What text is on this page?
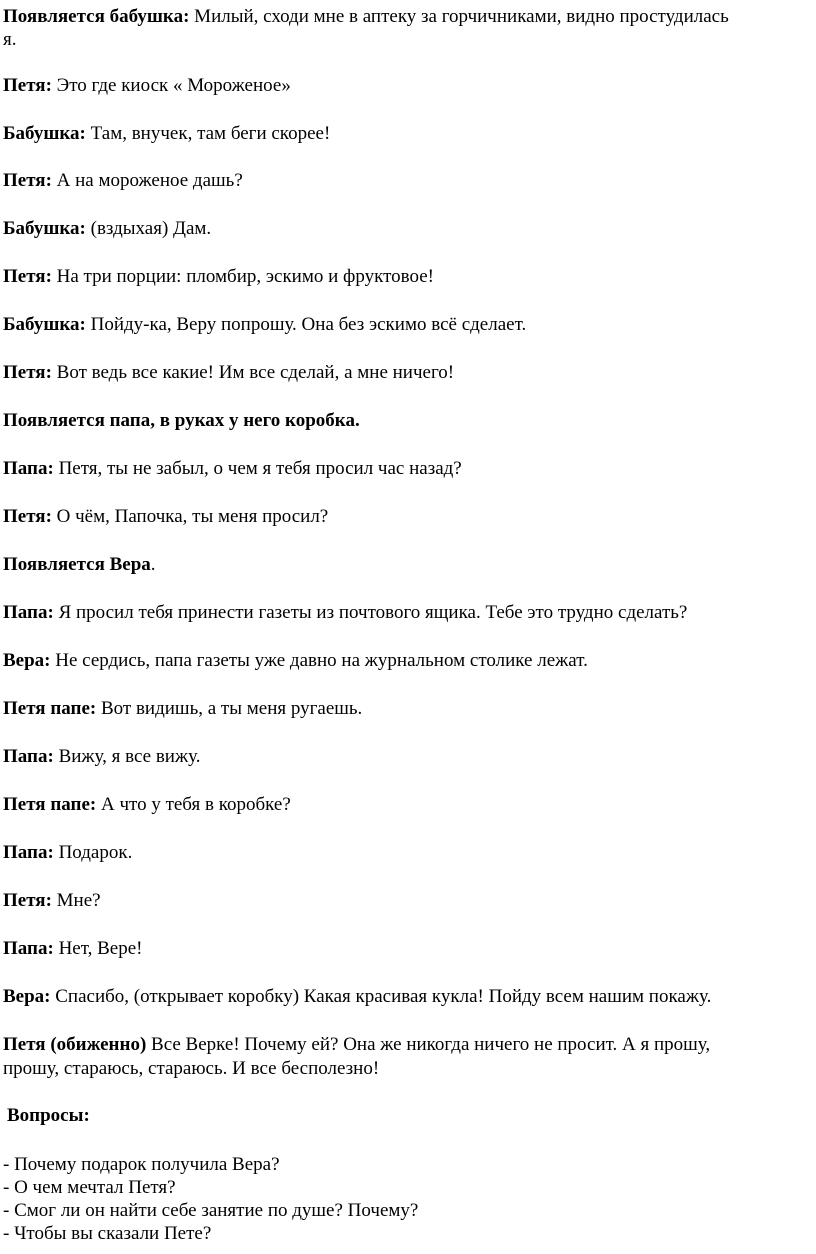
Появляется бабушка: Милый, сходи мне в аптеку за горчичниками, видно простудилась
я.
Петя: Это где киоск « Мороженое»
Бабушка: Там, внучек, там беги скорее!
Петя: А на мороженое дашь?
Бабушка: (вздыхая) Дам.
Петя: На три порции: пломбир, эскимо и фруктовое!
Бабушка: Пойду-ка, Веру попрошу. Она без эскимо всё сделает.
Петя: Вот ведь все какие! Им все сделай, а мне ничего!
Появляется папа, в руках у него коробка.
Папа: Петя, ты не забыл, о чем я тебя просил час назад?
Петя: О чём, Папочка, ты меня просил?
Появляется Вера.
Папа: Я просил тебя принести газеты из почтового ящика. Тебе это трудно сделать?
Вера: Не сердись, папа газеты уже давно на журнальном столике лежат.
Петя папе: Вот видишь, а ты меня ругаешь.
Папа: Вижу, я все вижу.
Петя папе: А что у тебя в коробке?
Папа: Подарок.
Петя: Мне?
Папа: Нет, Вере!
Вера: Спасибо, (открывает коробку) Какая красивая кукла! Пойду всем нашим покажу.
Петя (обиженно) Все Верке! Почему ей? Она же никогда ничего не просит. А я прошу,
прошу, стараюсь, стараюсь. И все бесполезно!
Вопросы:
- Почему подарок получила Вера?
- О чем мечтал Петя?
- Смог ли он найти себе занятие по душе? Почему?
- Чтобы вы сказали Пете?
